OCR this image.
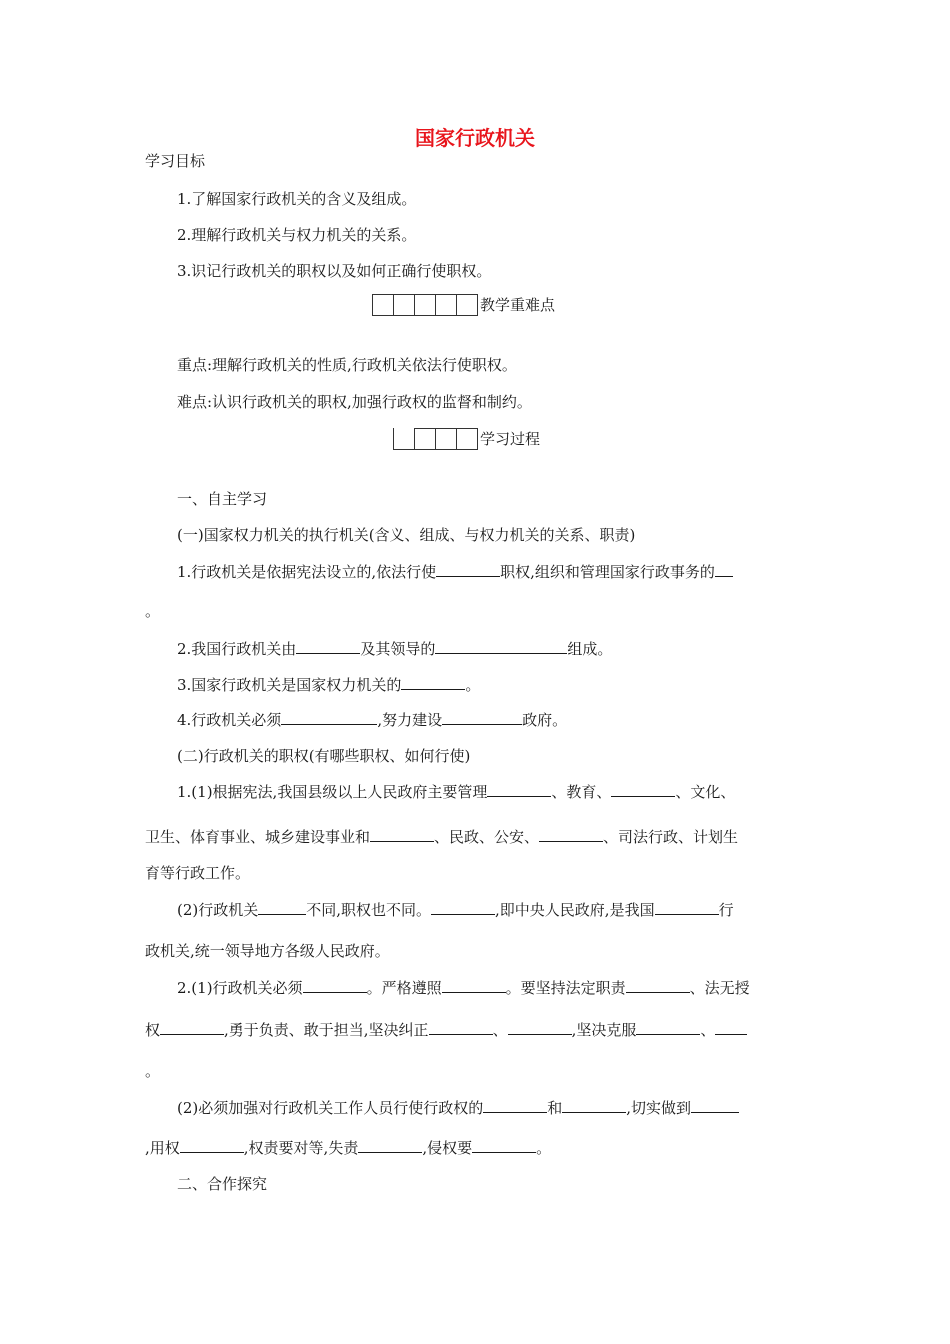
国家行政机关
学习目标
1.了解国家行政机关的含义及组成。
2.理解行政机关与权力机关的关系。
3.识记行政机关的职权以及如何正确行使职权。
教学重难点
重点:理解行政机关的性质,行政机关依法行使职权。
难点:认识行政机关的职权,加强行政权的监督和制约。
学习过程
一、自主学习
(一)国家权力机关的执行机关(含义、组成、与权力机关的关系、职责)
1.行政机关是依据宪法设立的,依法行使	职权,组织和管理国家行政事务的
。
2.我国行政机关由	及其领导的	组成。
3.国家行政机关是国家权力机关的	。
4.行政机关必须	,努力建设	政府。
(二)行政机关的职权(有哪些职权、如何行使)
1.(1)根据宪法,我国县级以上人民政府主要管理	、教育、	、文化、
卫生、体育事业、城乡建设事业和	、民政、公安、	、司法行政、计划生
育等行政工作。
(2)行政机关	不同,职权也不同。	,即中央人民政府,是我国	行
政机关,统一领导地方各级人民政府。
2.(1)行政机关必须	。严格遵照	。要坚持法定职责	、法无授
权	,勇于负责、敢于担当,坚决纠正	、	,坚决克服	、
。
(2)必须加强对行政机关工作人员行使行政权的	和	,切实做到
,用权	,权责要对等,失责	,侵权要	。
二、合作探究
